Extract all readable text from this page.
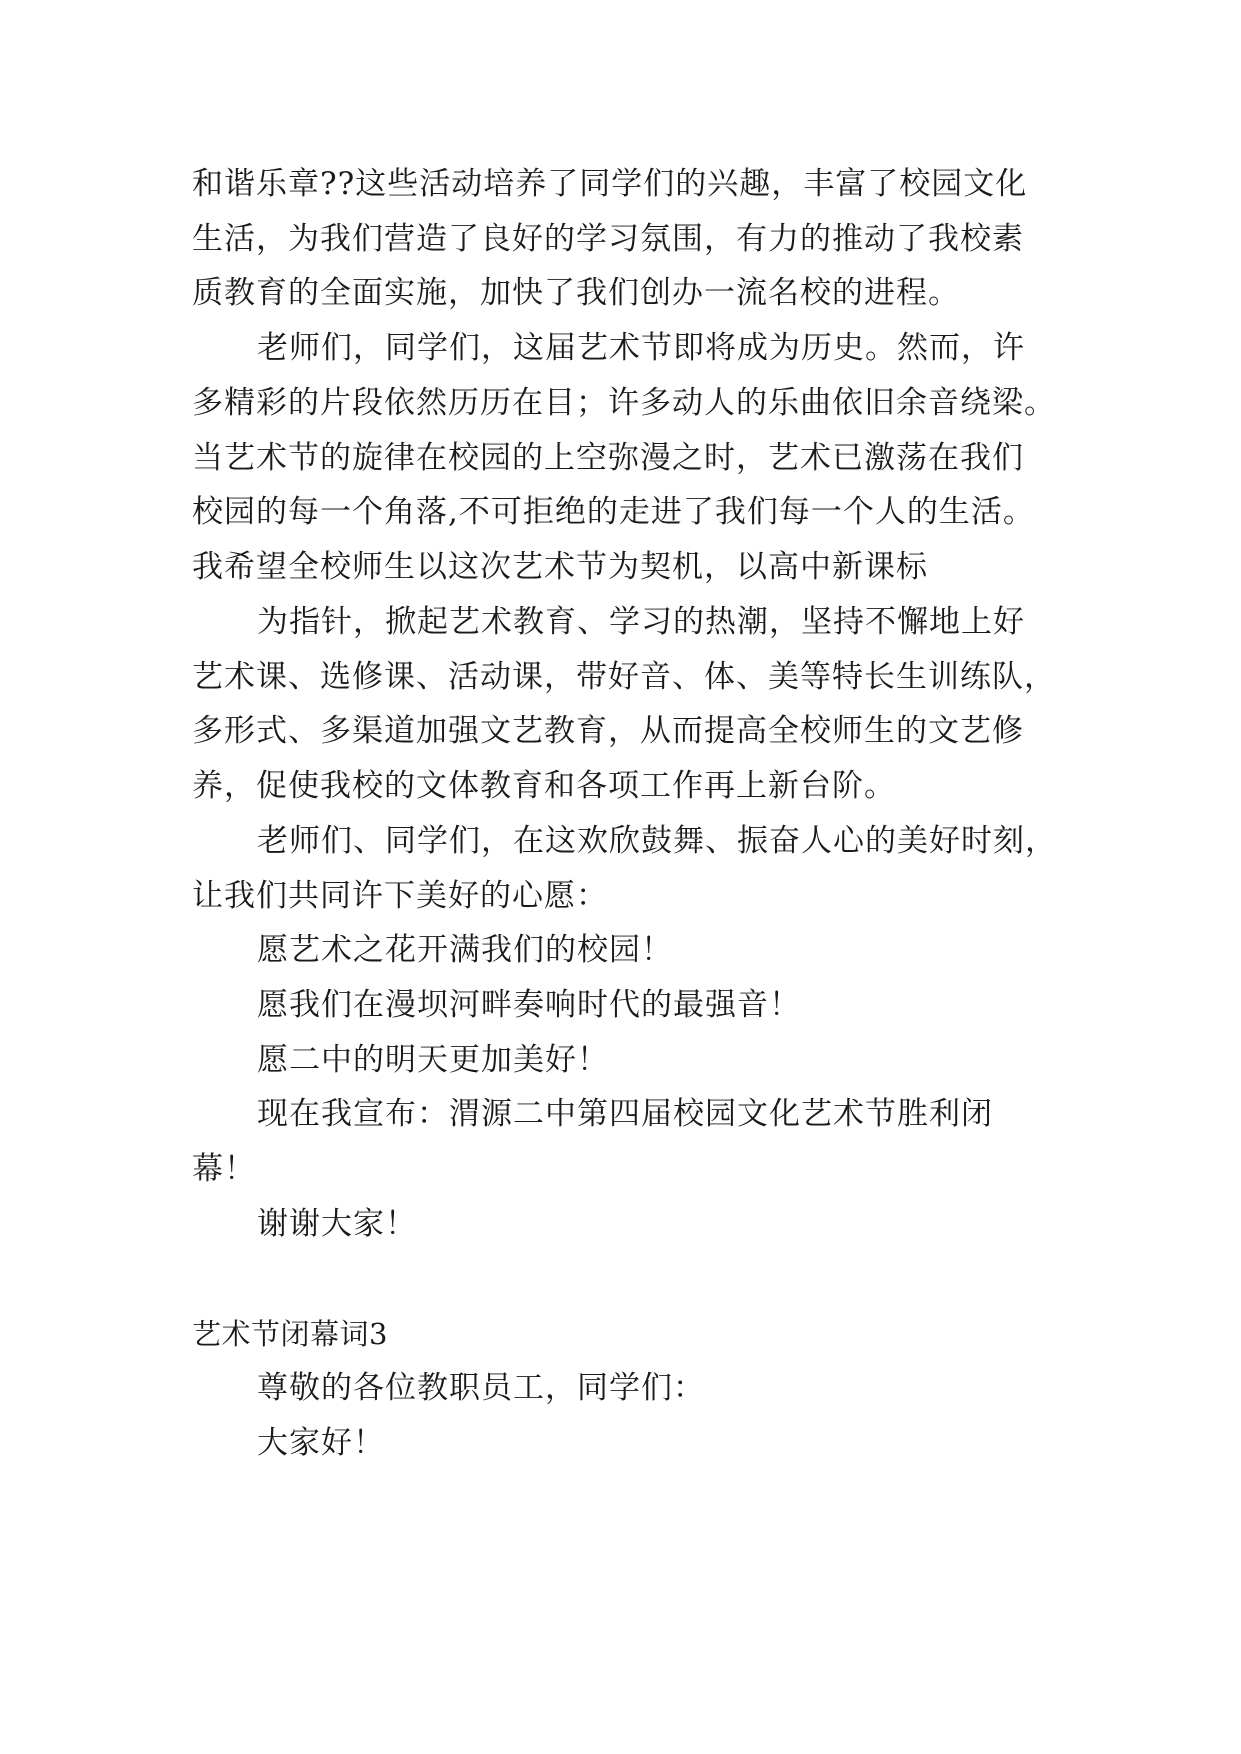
和谐乐章??这些活动培养了同学们的兴趣，丰富了校园文化
生活，为我们营造了良好的学习氛围，有力的推动了我校素
质教育的全面实施，加快了我们创办一流名校的进程。
老师们，同学们，这届艺术节即将成为历史。然而，许
多精彩的片段依然历历在目；许多动人的乐曲依旧余音绕梁。
当艺术节的旋律在校园的上空弥漫之时，艺术已激荡在我们
校园的每一个角落,不可拒绝的走进了我们每一个人的生活。
我希望全校师生以这次艺术节为契机，以高中新课标
为指针，掀起艺术教育、学习的热潮，坚持不懈地上好
艺术课、选修课、活动课，带好音、体、美等特长生训练队，
多形式、多渠道加强文艺教育，从而提高全校师生的文艺修
养，促使我校的文体教育和各项工作再上新台阶。
老师们、同学们，在这欢欣鼓舞、振奋人心的美好时刻，
让我们共同许下美好的心愿：
愿艺术之花开满我们的校园！
愿我们在漫坝河畔奏响时代的最强音！
愿二中的明天更加美好！
现在我宣布：渭源二中第四届校园文化艺术节胜利闭
幕！
谢谢大家！
艺术节闭幕词3
尊敬的各位教职员工，同学们：
大家好！
